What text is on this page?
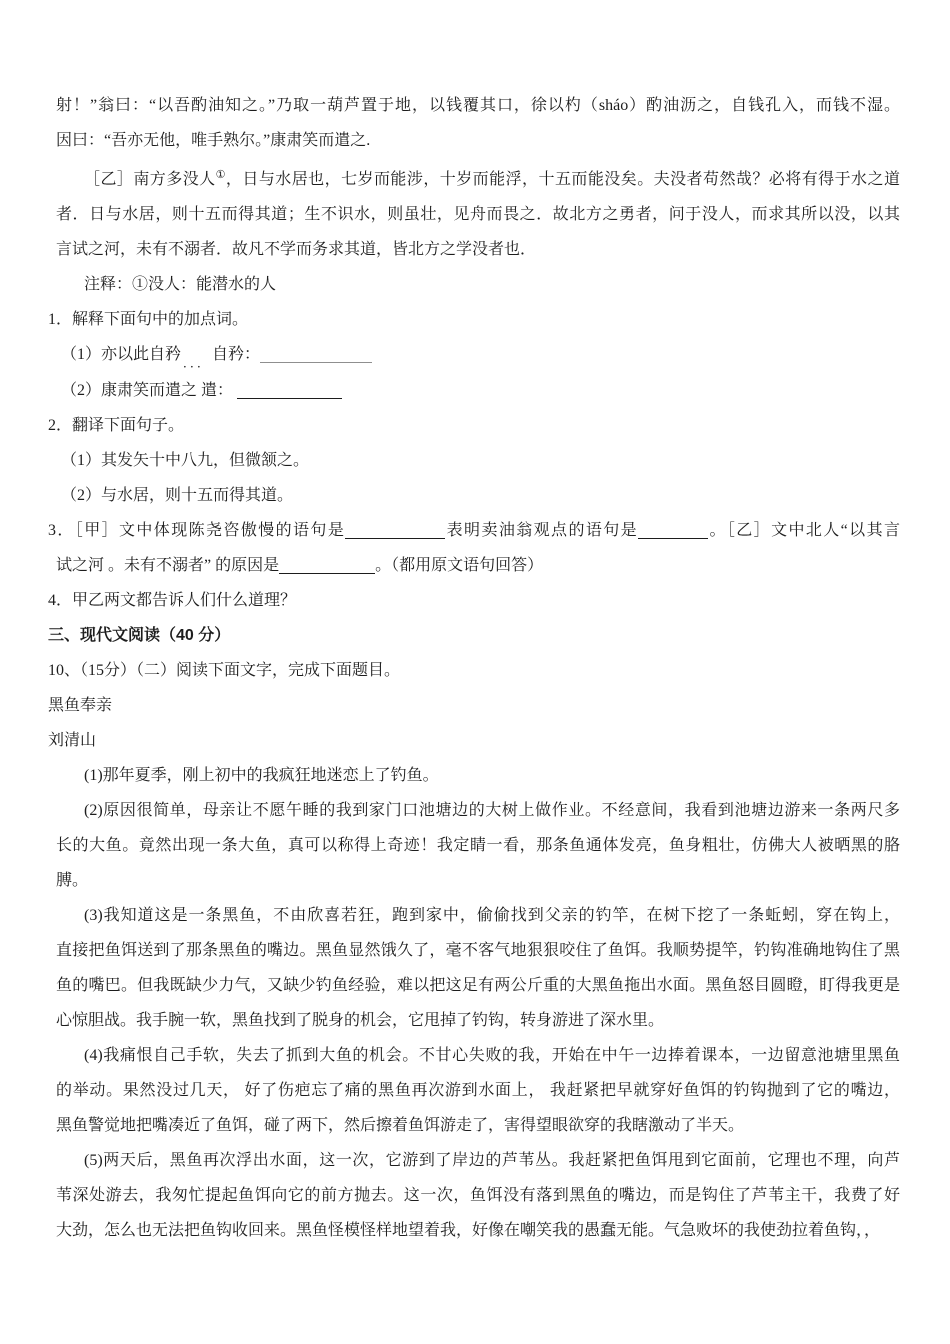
射！”翁曰：“以吾酌油知之。”乃取一葫芦置于地，以钱覆其口，徐以杓（sháo）酌油沥之，自钱孔入，而钱不湿。
因曰：“吾亦无他，唯手熟尔。”康肃笑而遣之.
［乙］南方多没人①，日与水居也，七岁而能涉，十岁而能浮，十五而能没矣。夫没者苟然哉？必将有得于水之道
者．日与水居，则十五而得其道；生不识水，则虽壮，见舟而畏之．故北方之勇者，问于没人，而求其所以没，以其
言试之河，未有不溺者．故凡不学而务求其道，皆北方之学没者也．
注释：①没人：能潜水的人
1．解释下面句中的加点词。
（1）亦以此自矜 ．．． 自矜：
（2）康肃笑而遣之 遣：
2．翻译下面句子。
（1）其发矢十中八九，但微颔之。
（2）与水居，则十五而得其道。
3．［甲］文中体现陈尧咨傲慢的语句是	表明卖油翁观点的语句是	。［乙］文中北人“以其言
试之河 。未有不溺者” 的原因是	。（都用原文语句回答）
4．甲乙两文都告诉人们什么道理？
三、现代文阅读（40 分）
10、（15分）（二）阅读下面文字，完成下面题目。
黑鱼奉亲
刘清山
(1)那年夏季，刚上初中的我疯狂地迷恋上了钓鱼。
(2)原因很简单，母亲让不愿午睡的我到家门口池塘边的大树上做作业。不经意间，我看到池塘边游来一条两尺多
长的大鱼。竟然出现一条大鱼，真可以称得上奇迹！我定睛一看，那条鱼通体发亮，鱼身粗壮，仿佛大人被晒黑的胳
膊。
(3)我知道这是一条黑鱼，不由欣喜若狂，跑到家中，偷偷找到父亲的钓竿，在树下挖了一条蚯蚓，穿在钩上，
直接把鱼饵送到了那条黑鱼的嘴边。黑鱼显然饿久了，毫不客气地狠狠咬住了鱼饵。我顺势提竿，钓钩准确地钩住了黑
鱼的嘴巴。但我既缺少力气，又缺少钓鱼经验，难以把这足有两公斤重的大黑鱼拖出水面。黑鱼怒目圆瞪，盯得我更是
心惊胆战。我手腕一软，黑鱼找到了脱身的机会，它甩掉了钓钩，转身游进了深水里。
(4)我痛恨自己手软，失去了抓到大鱼的机会。不甘心失败的我，开始在中午一边捧着课本，一边留意池塘里黑鱼
的举动。果然没过几天， 好了伤疤忘了痛的黑鱼再次游到水面上， 我赶紧把早就穿好鱼饵的钓钩抛到了它的嘴边，
黑鱼警觉地把嘴凑近了鱼饵，碰了两下，然后擦着鱼饵游走了，害得望眼欲穿的我瞎激动了半天。
(5)两天后，黑鱼再次浮出水面，这一次，它游到了岸边的芦苇丛。我赶紧把鱼饵甩到它面前，它理也不理，向芦
苇深处游去，我匆忙提起鱼饵向它的前方抛去。这一次，鱼饵没有落到黑鱼的嘴边，而是钩住了芦苇主干，我费了好
大劲，怎么也无法把鱼钩收回来。黑鱼怪模怪样地望着我，好像在嘲笑我的愚蠢无能。气急败坏的我使劲拉着鱼钩，，
